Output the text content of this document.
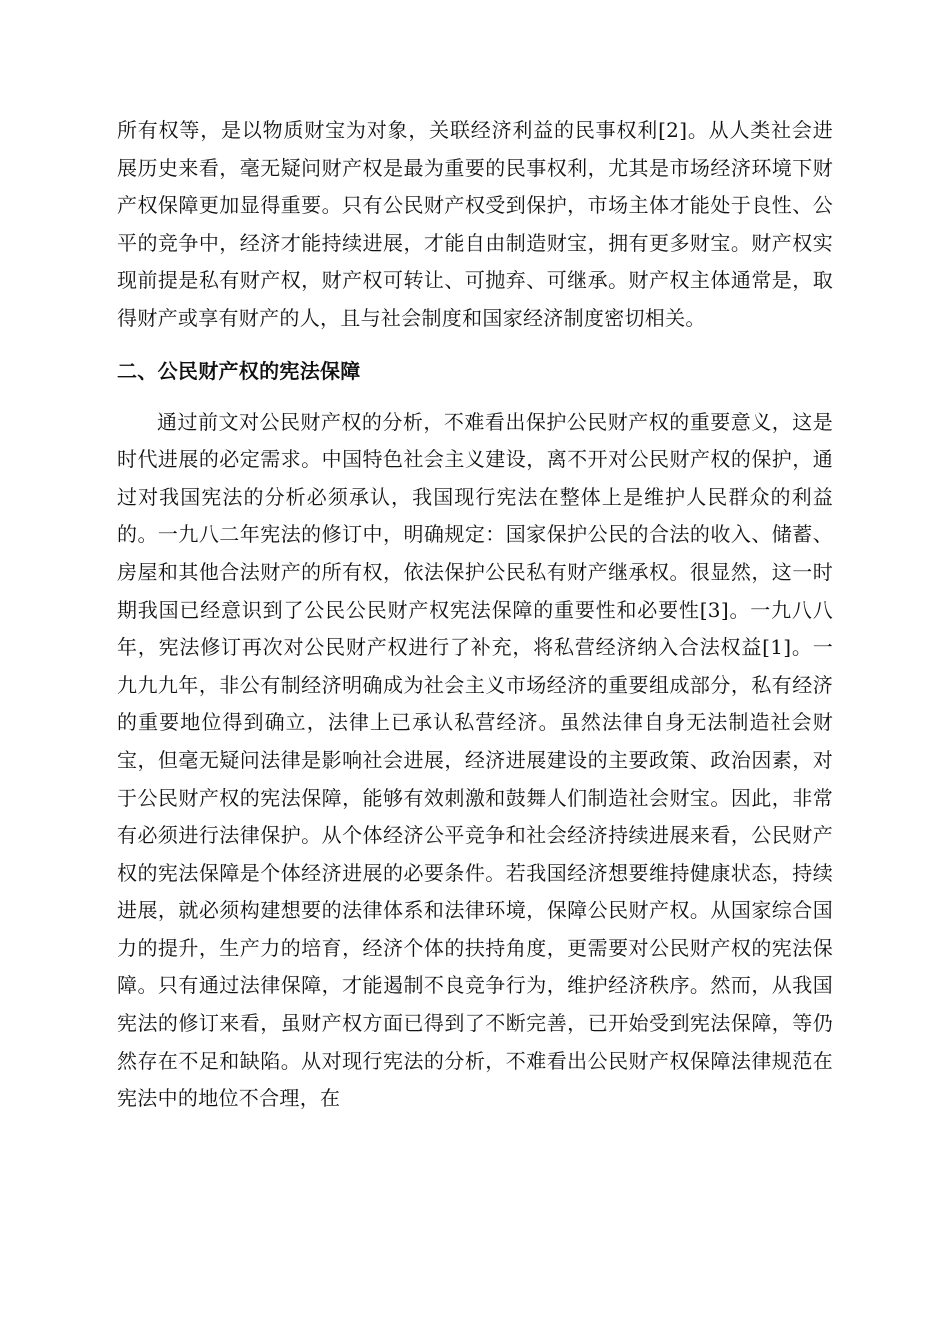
所有权等，是以物质财宝为对象，关联经济利益的民事权利[2]。从人类社会进展历史来看，毫无疑问财产权是最为重要的民事权利，尤其是市场经济环境下财产权保障更加显得重要。只有公民财产权受到保护，市场主体才能处于良性、公平的竞争中，经济才能持续进展，才能自由制造财宝，拥有更多财宝。财产权实现前提是私有财产权，财产权可转让、可抛弃、可继承。财产权主体通常是，取得财产或享有财产的人，且与社会制度和国家经济制度密切相关。

二、公民财产权的宪法保障

通过前文对公民财产权的分析，不难看出保护公民财产权的重要意义，这是时代进展的必定需求。中国特色社会主义建设，离不开对公民财产权的保护，通过对我国宪法的分析必须承认，我国现行宪法在整体上是维护人民群众的利益的。一九八二年宪法的修订中，明确规定：国家保护公民的合法的收入、储蓄、房屋和其他合法财产的所有权，依法保护公民私有财产继承权。很显然，这一时期我国已经意识到了公民公民财产权宪法保障的重要性和必要性[3]。一九八八年，宪法修订再次对公民财产权进行了补充，将私营经济纳入合法权益[1]。一九九九年，非公有制经济明确成为社会主义市场经济的重要组成部分，私有经济的重要地位得到确立，法律上已承认私营经济。虽然法律自身无法制造社会财宝，但毫无疑问法律是影响社会进展，经济进展建设的主要政策、政治因素，对于公民财产权的宪法保障，能够有效刺激和鼓舞人们制造社会财宝。因此，非常有必须进行法律保护。从个体经济公平竞争和社会经济持续进展来看，公民财产权的宪法保障是个体经济进展的必要条件。若我国经济想要维持健康状态，持续进展，就必须构建想要的法律体系和法律环境，保障公民财产权。从国家综合国力的提升，生产力的培育，经济个体的扶持角度，更需要对公民财产权的宪法保障。只有通过法律保障，才能遏制不良竞争行为，维护经济秩序。然而，从我国宪法的修订来看，虽财产权方面已得到了不断完善，已开始受到宪法保障，等仍然存在不足和缺陷。从对现行宪法的分析，不难看出公民财产权保障法律规范在宪法中的地位不合理，在
